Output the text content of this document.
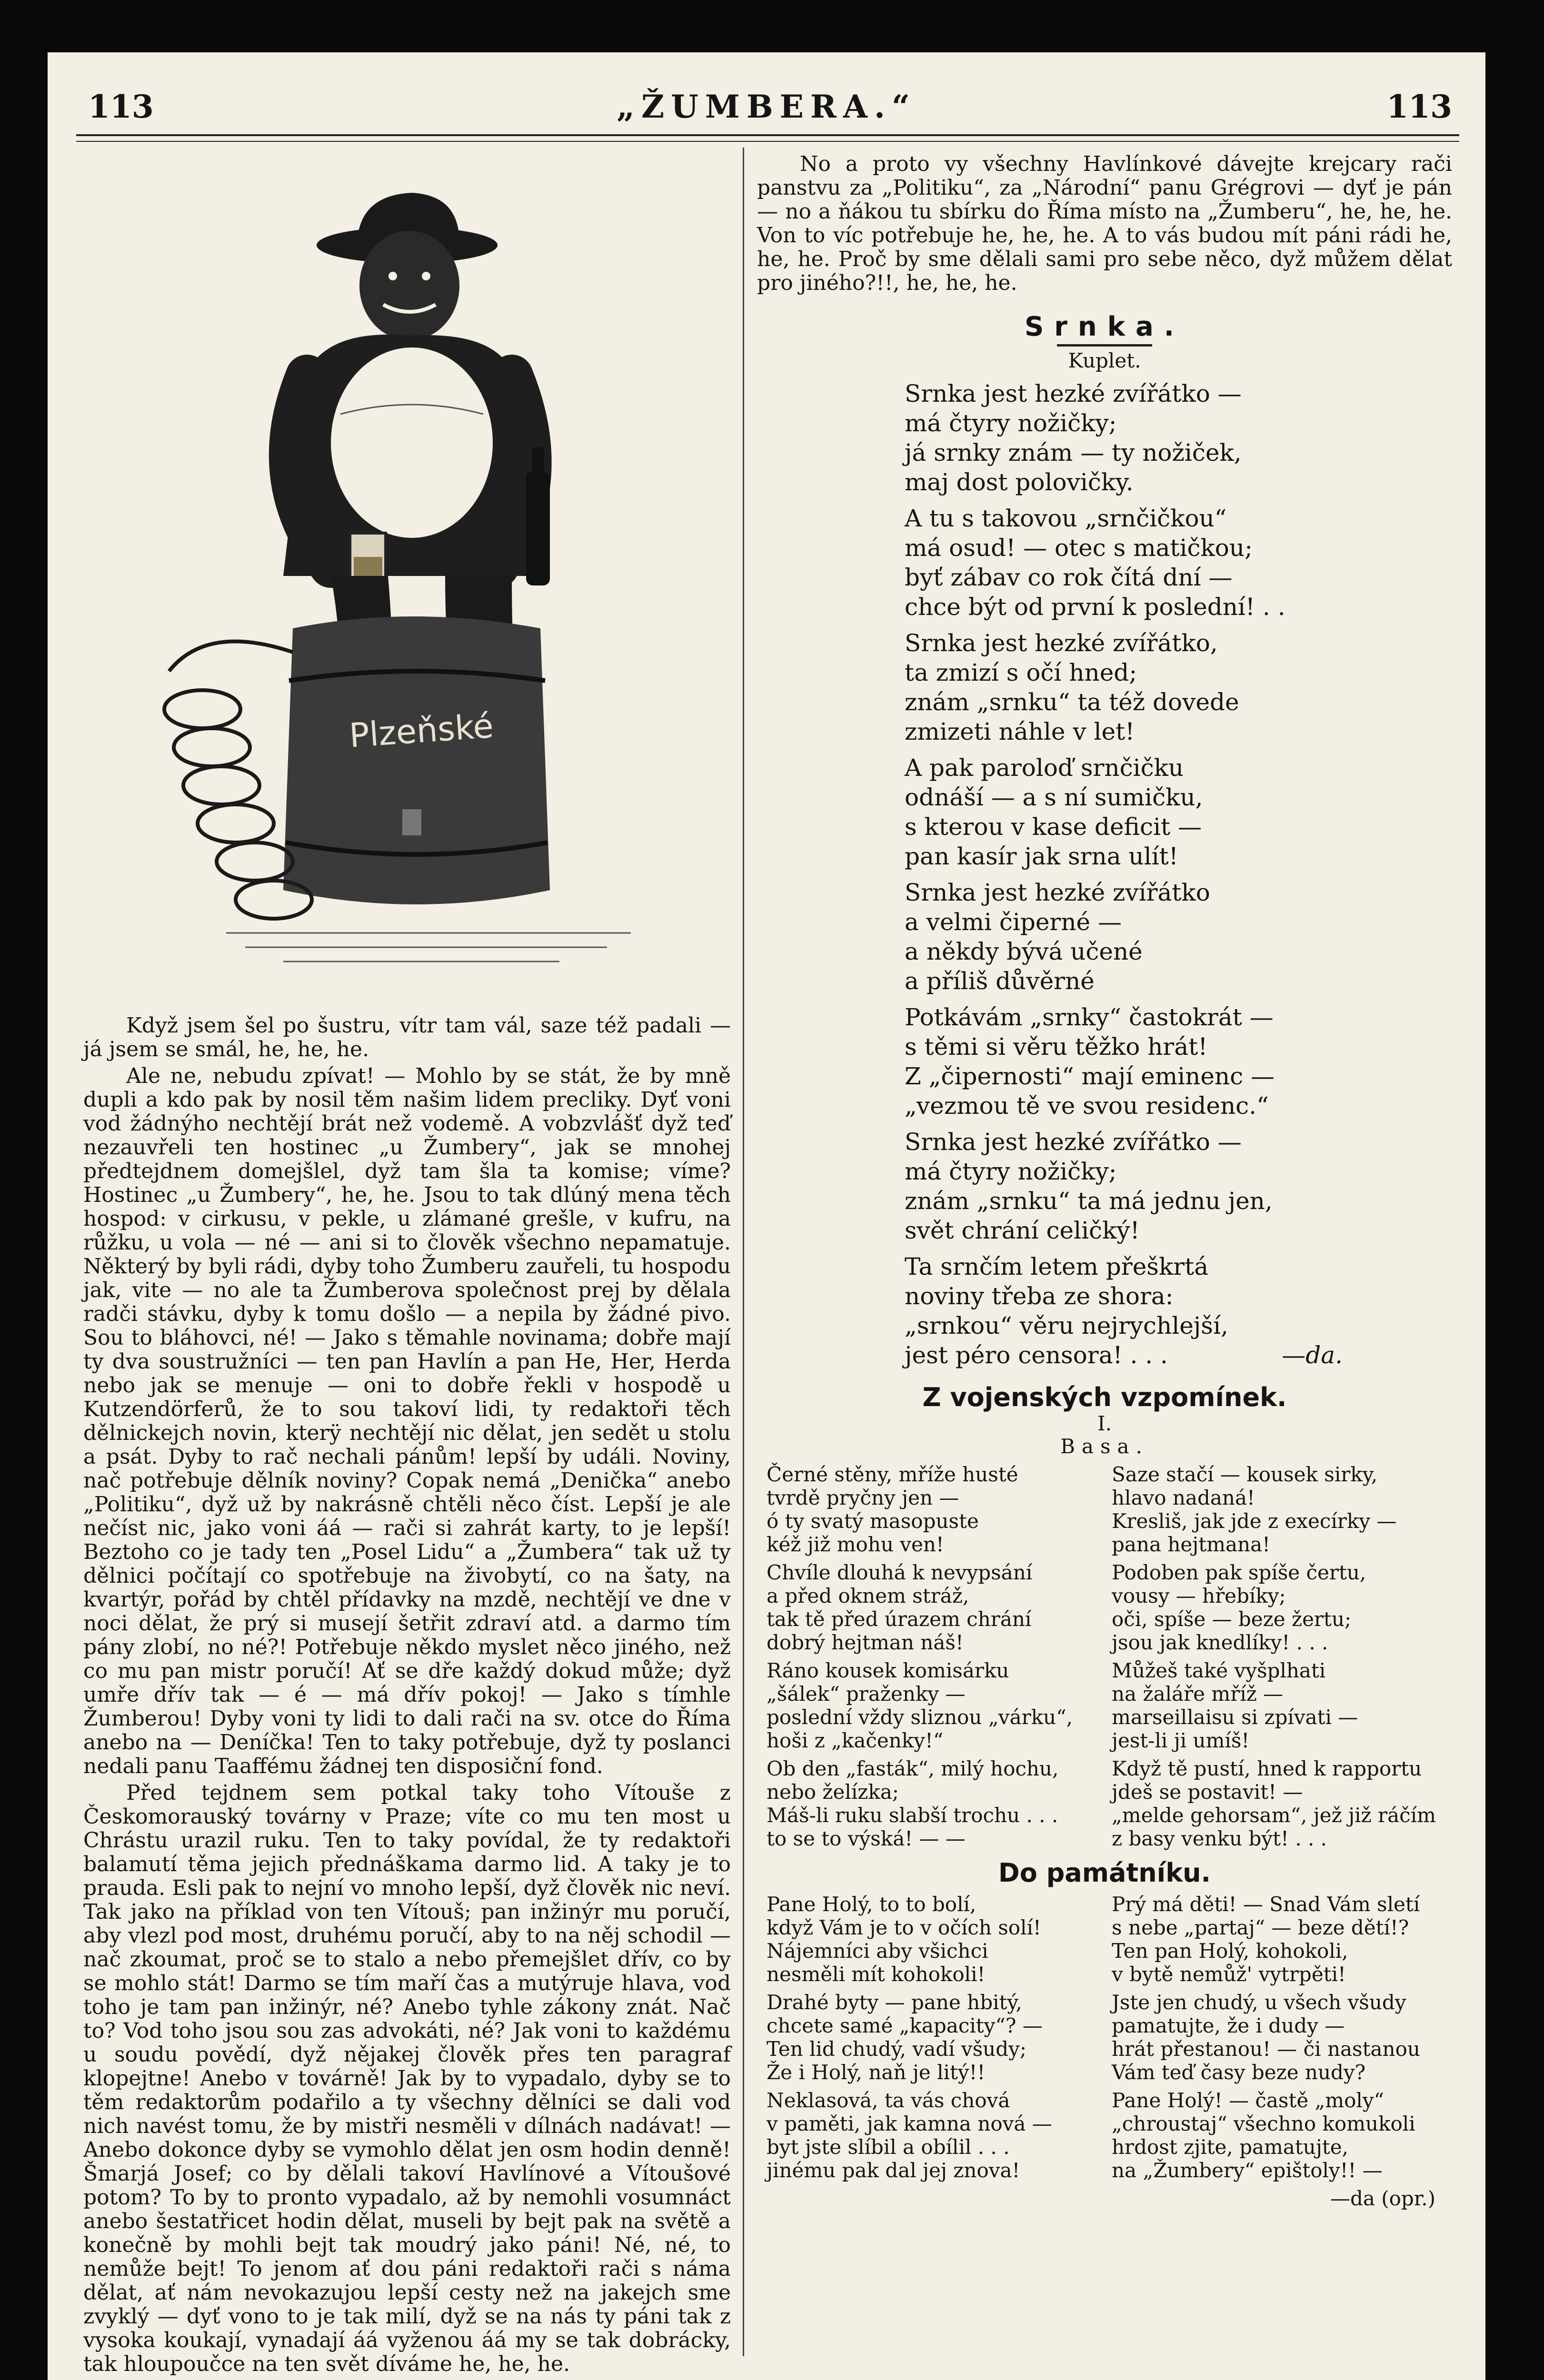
113	„ŽUMBERA.“	113
Plzeňské

Když jsem šel po šustru, vítr tam vál, saze též padali — já jsem se smál, he, he, he.

Ale ne, nebudu zpívat! — Mohlo by se stát, že by mně dupli a kdo pak by nosil těm našim lidem precliky. Dyť voni vod žádnýho nechtějí brát než vodemě. A vobzvlášť dyž teď nezauvřeli ten hostinec „u Žumbery“, jak se mnohej předtejdnem domejšlel, dyž tam šla ta komise; víme? Hostinec „u Žumbery“, he, he. Jsou to tak dlúný mena těch hospod: v cirkusu, v pekle, u zlámané grešle, v kufru, na růžku, u vola — né — ani si to člověk všechno nepamatuje. Některý by byli rádi, dyby toho Žumberu zauřeli, tu hospodu jak, vite — no ale ta Žumberova společnost prej by dělala radči stávku, dyby k tomu došlo — a nepila by žádné pivo. Sou to bláhovci, né! — Jako s těmahle novinama; dobře mají ty dva soustružníci — ten pan Havlín a pan He, Her, Herda nebo jak se menuje — oni to dobře řekli v hospodě u Kutzendörferů, že to sou takoví lidi, ty redaktoři těch dělnickejch novin, kterÿ nechtějí nic dělat, jen sedět u stolu a psát. Dyby to rač nechali pánům! lepší by událi. Noviny, nač potřebuje dělník noviny? Copak nemá „Denička“ anebo „Politiku“, dyž už by nakrásně chtěli něco číst. Lepší je ale nečíst nic, jako voni áá — rači si zahrát karty, to je lepší! Beztoho co je tady ten „Posel Lidu“ a „Žumbera“ tak už ty dělnici počítají co spotřebuje na živobytí, co na šaty, na kvartýr, pořád by chtěl přídavky na mzdě, nechtějí ve dne v noci dělat, že prý si musejí šetřit zdraví atd. a darmo tím pány zlobí, no né?! Potřebuje někdo myslet něco jiného, než co mu pan mistr poručí! Ať se dře každý dokud může; dyž umře dřív tak — é — má dřív pokoj! — Jako s tímhle Žumberou! Dyby voni ty lidi to dali rači na sv. otce do Říma anebo na — Deníčka! Ten to taky potřebuje, dyž ty poslanci nedali panu Taaffému žádnej ten disposiční fond.

Před tejdnem sem potkal taky toho Vítouše z Českomorauský továrny v Praze; víte co mu ten most u Chrástu urazil ruku. Ten to taky povídal, že ty redaktoři balamutí těma jejich přednáškama darmo lid. A taky je to prauda. Esli pak to nejní vo mnoho lepší, dyž člověk nic neví. Tak jako na příklad von ten Vítouš; pan inžinýr mu poručí, aby vlezl pod most, druhému poručí, aby to na něj schodil — nač zkoumat, proč se to stalo a nebo přemejšlet dřív, co by se mohlo stát! Darmo se tím maří čas a mutýruje hlava, vod toho je tam pan inžinýr, né? Anebo tyhle zákony znát. Nač to? Vod toho jsou sou zas advokáti, né? Jak voni to každému u soudu povědí, dyž nějakej člověk přes ten paragraf klopejtne! Anebo v továrně! Jak by to vypadalo, dyby se to těm redaktorům podařilo a ty všechny dělníci se dali vod nich navést tomu, že by mistři nesměli v dílnách nadávat! — Anebo dokonce dyby se vymohlo dělat jen osm hodin denně! Šmarjá Josef; co by dělali takoví Havlínové a Vítoušové potom? To by to pronto vypadalo, až by nemohli vosumnáct anebo šestatřicet hodin dělat, museli by bejt pak na světě a konečně by mohli bejt tak moudrý jako páni! Né, né, to nemůže bejt! To jenom ať dou páni redaktoři rači s náma dělat, ať nám nevokazujou lepší cesty než na jakejch sme zvyklý — dyť vono to je tak milí, dyž se na nás ty páni tak z vysoka koukají, vynadají áá vyženou áá my se tak dobrácky, tak hloupoučce na ten svět díváme he, he, he.

No a proto vy všechny Havlínkové dávejte krejcary rači panstvu za „Politiku“, za „Národní“ panu Grégrovi — dyť je pán — no a ňákou tu sbírku do Říma místo na „Žumberu“, he, he, he. Von to víc potřebuje he, he, he. A to vás budou mít páni rádi he, he, he. Proč by sme dělali sami pro sebe něco, dyž můžem dělat pro jiného?!!, he, he, he.

Srnka.
Kuplet.
Srnka jest hezké zvířátko —
má čtyry nožičky;
já srnky znám — ty nožiček,
maj dost polovičky.
A tu s takovou „srnčičkou“
má osud! — otec s matičkou;
byť zábav co rok čítá dní —
chce být od první k poslední! . .
Srnka jest hezké zvířátko,
ta zmizí s očí hned;
znám „srnku“ ta též dovede
zmizeti náhle v let!
A pak paroloď srnčičku
odnáší — a s ní sumičku,
s kterou v kase deficit —
pan kasír jak srna ulít!
Srnka jest hezké zvířátko
a velmi čiperné —
a někdy bývá učené
a příliš důvěrné
Potkávám „srnky“ častokrát —
s těmi si věru těžko hrát!
Z „čipernosti“ mají eminenc —
„vezmou tě ve svou residenc.“
Srnka jest hezké zvířátko —
má čtyry nožičky;
znám „srnku“ ta má jednu jen,
svět chrání celičký!
Ta srnčím letem přeškrtá
noviny třeba ze shora:
„srnkou“ věru nejrychlejší,
jest péro censora! . . .	—da.
Z vojenských vzpomínek.
I.
Basa.
Černé stěny, mříže husté
tvrdě pryčny jen —
ó ty svatý masopuste
kéž již mohu ven!
Chvíle dlouhá k nevypsání
a před oknem stráž,
tak tě před úrazem chrání
dobrý hejtman náš!
Ráno kousek komisárku
„šálek“ praženky —
poslední vždy sliznou „várku“,
hoši z „kačenky!“
Ob den „fasták“, milý hochu,
nebo želízka;
Máš-li ruku slabší trochu . . .
to se to výská! — —
Saze stačí — kousek sirky,
hlavo nadaná!
Kresliš, jak jde z execírky —
pana hejtmana!
Podoben pak spíše čertu,
vousy — hřebíky;
oči, spíše — beze žertu;
jsou jak knedlíky! . . .
Můžeš také vyšplhati
na žaláře mříž —
marseillaisu si zpívati —
jest-li ji umíš!
Když tě pustí, hned k rapportu
jdeš se postavit! —
„melde gehorsam“, jež již ráčím
z basy venku být! . . .
Do památníku.
Pane Holý, to to bolí,
když Vám je to v očích solí!
Nájemníci aby všichci
nesměli mít kohokoli!
Drahé byty — pane hbitý,
chcete samé „kapacity“? —
Ten lid chudý, vadí všudy;
Že i Holý, naň je litý!!
Neklasová, ta vás chová
v paměti, jak kamna nová —
byt jste slíbil a obílil . . .
jinému pak dal jej znova!
Prý má děti! — Snad Vám sletí
s nebe „partaj“ — beze dětí!?
Ten pan Holý, kohokoli,
v bytě nemůž' vytrpěti!
Jste jen chudý, u všech všudy
pamatujte, že i dudy —
hrát přestanou! — či nastanou
Vám teď časy beze nudy?
Pane Holý! — častě „moly“
„chroustaj“ všechno komukoli
hrdost zjite, pamatujte,
na „Žumbery“ epištoly!! —
—da (opr.)
